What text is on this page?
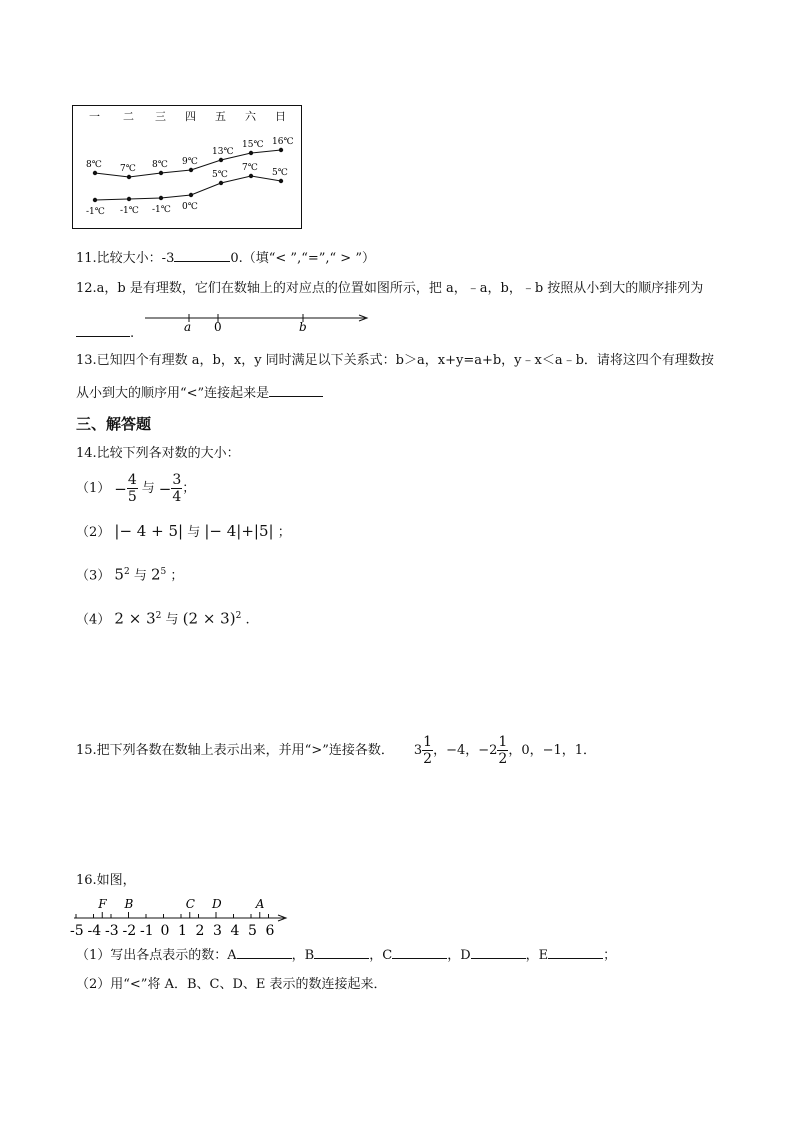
一 二 三 四 五 六 日
8℃ 7℃ 8℃ 9℃
13℃
15℃ 16℃
-1℃ -1℃ -1℃ 0℃
5℃
7℃ 5℃
11.比较大小：-3	0.（填“< ”,“=”,“ > ”）
12.a，b 是有理数，它们在数轴上的对应点的位置如图所示，把 a，﹣a，b，﹣b 按照从小到大的顺序排列为
.	a 0	b
13.已知四个有理数 a，b，x，y 同时满足以下关系式：b＞a，x+y=a+b，y﹣x＜a﹣b．请将这四个有理数按
从小到大的顺序用“<”连接起来是
三、解答题
14.比较下列各对数的大小：
$(1) - \frac{4}{5}$ 与 − $\frac{3}{4}$ ；
（2） |− 4 + 5| 与 |− 4|+|5| ；
（3） $5^2$ 与 $2^5$ ；
（4） $2 \times 3^2$ 与 $(2 \times 3)^2$ .
15.把下列各数在数轴上表示出来，并用“>”连接各数． $3 \frac{1}{2}$ ，−4， $-2 \frac{1}{2}$ ，0，−1，1．
16.如图，
-5 -4 -3 -2 -1 0 1 2 3 4 5 6
F B	C D	A
（1）写出各点表示的数：A	，B	，C	，D	，E	；
（2）用“<”将 A．B、C、D、E 表示的数连接起来．
